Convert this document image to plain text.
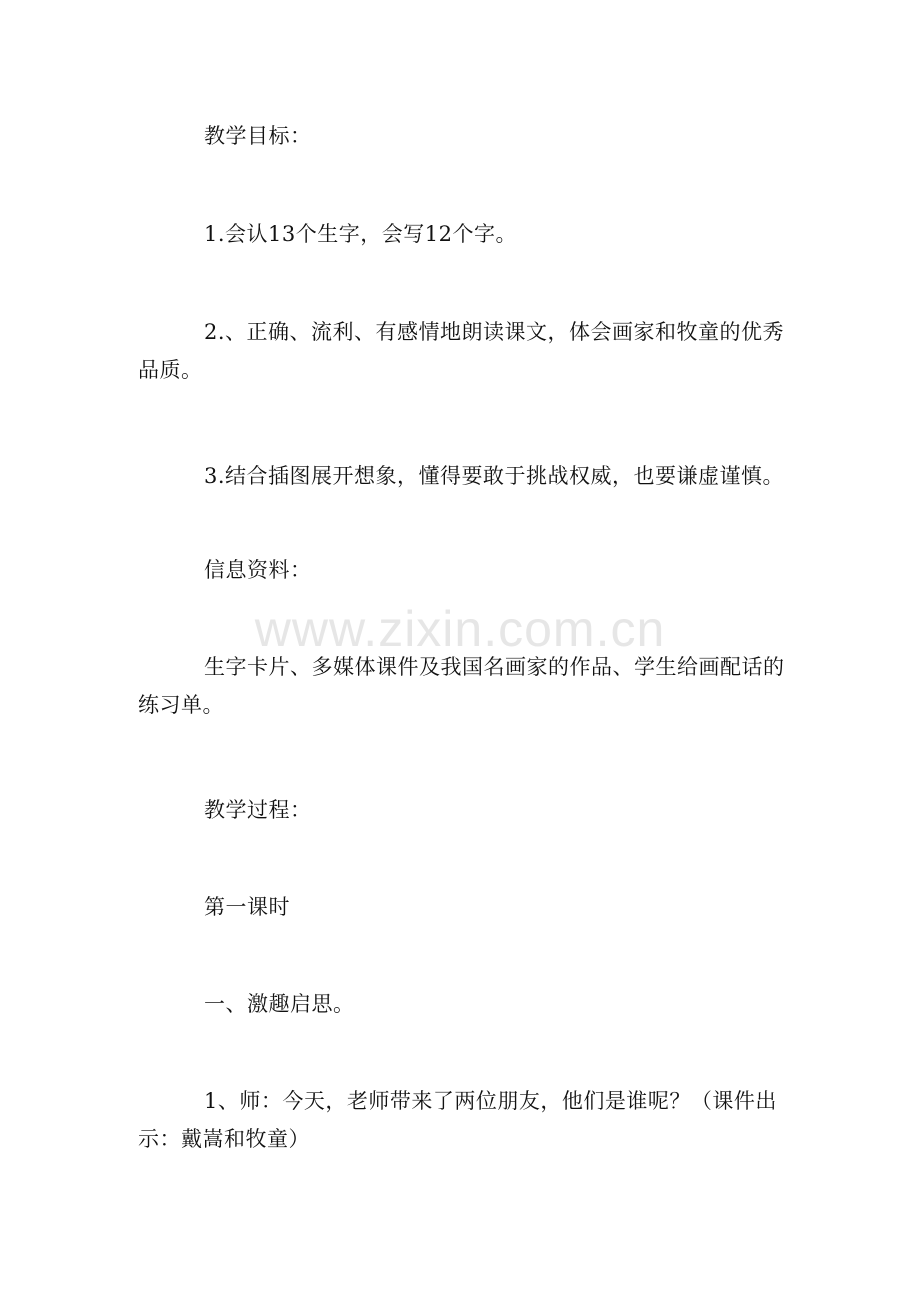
www.zixin.com.cn

教学目标：

1.会认13个生字，会写12个字。

2.、正确、流利、有感情地朗读课文，体会画家和牧童的优秀品质。

3.结合插图展开想象，懂得要敢于挑战权威，也要谦虚谨慎。

信息资料：

生字卡片、多媒体课件及我国名画家的作品、学生给画配话的练习单。

教学过程：

第一课时

一、激趣启思。

1、师：今天，老师带来了两位朋友，他们是谁呢？（课件出示：戴嵩和牧童）
